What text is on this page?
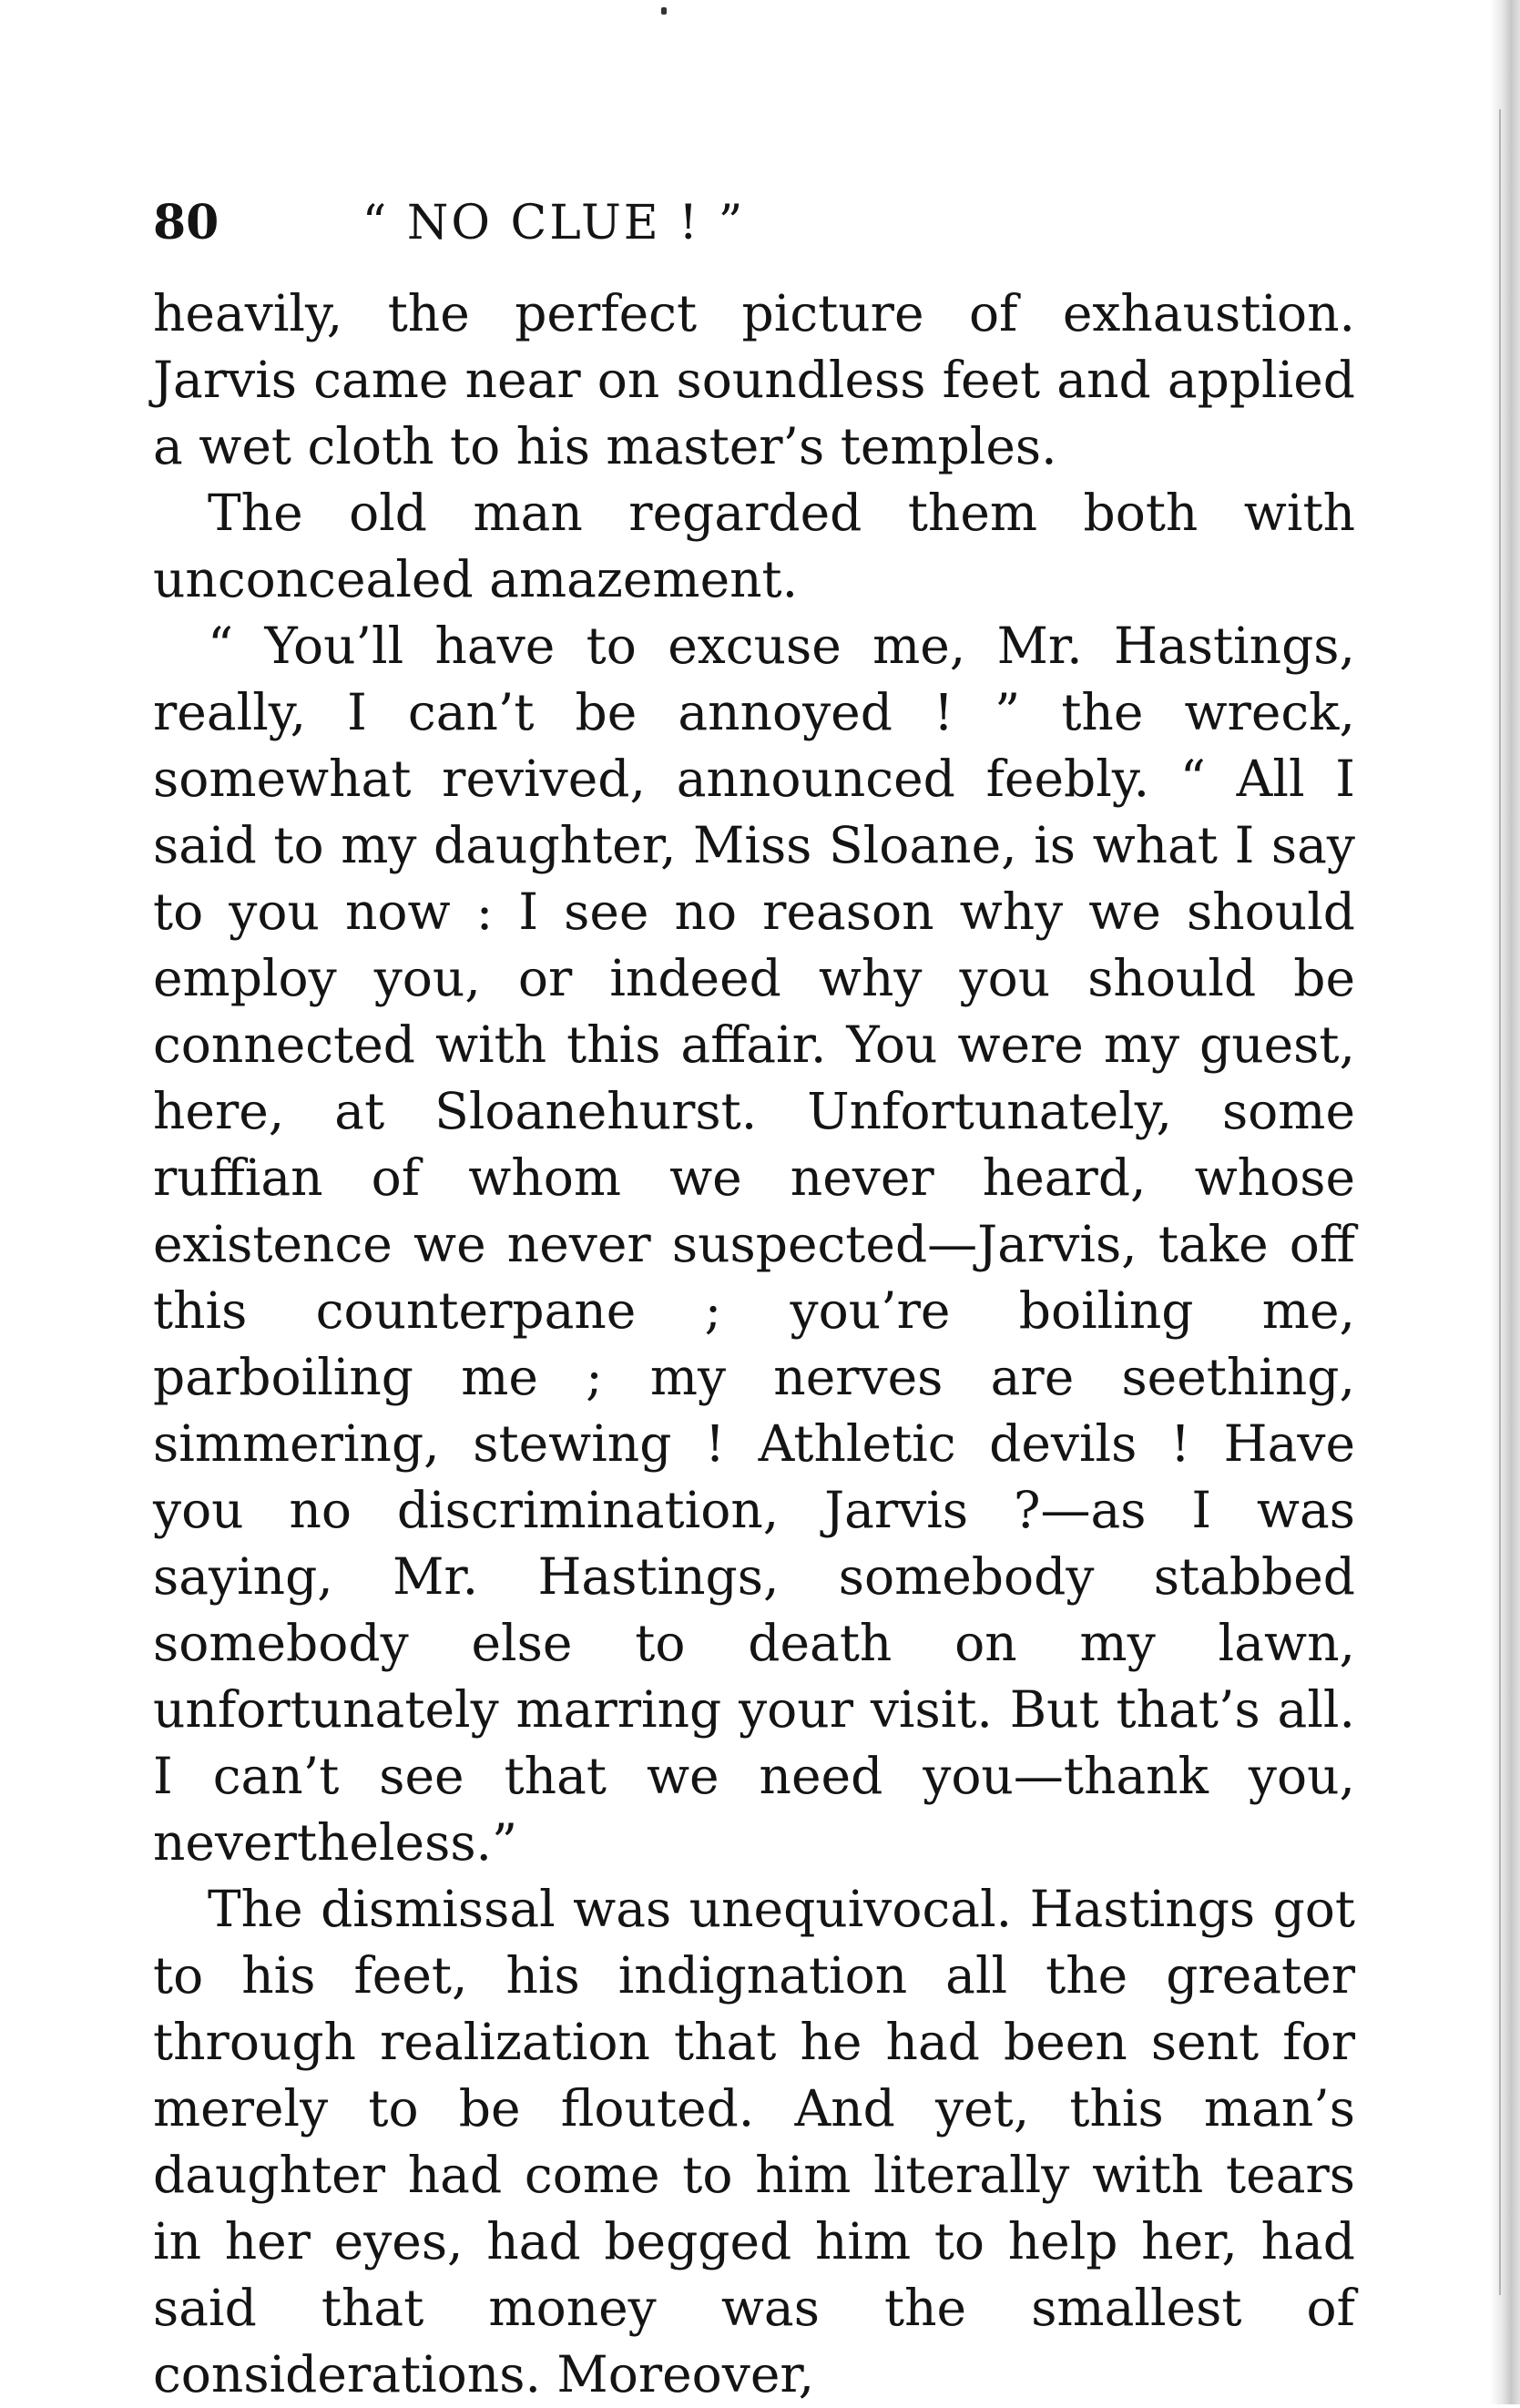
80	“ NO CLUE ! ”

heavily, the perfect picture of exhaustion. Jarvis came near on soundless feet and applied a wet cloth to his master’s temples.

The old man regarded them both with unconcealed amazement.

“ You’ll have to excuse me, Mr. Hastings, really, I can’t be annoyed ! ” the wreck, somewhat revived, announced feebly. “ All I said to my daughter, Miss Sloane, is what I say to you now : I see no reason why we should employ you, or indeed why you should be connected with this affair. You were my guest, here, at Sloanehurst. Unfortunately, some ruffian of whom we never heard, whose existence we never suspected—Jarvis, take off this counterpane ; you’re boiling me, parboiling me ; my nerves are seething, simmering, stewing ! Athletic devils ! Have you no discrimination, Jarvis ?—as I was saying, Mr. Hastings, somebody stabbed somebody else to death on my lawn, unfortunately marring your visit. But that’s all. I can’t see that we need you—thank you, nevertheless.”

The dismissal was unequivocal. Hastings got to his feet, his indignation all the greater through realization that he had been sent for merely to be flouted. And yet, this man’s daughter had come to him literally with tears in her eyes, had begged him to help her, had said that money was the smallest of considerations. Moreover,
